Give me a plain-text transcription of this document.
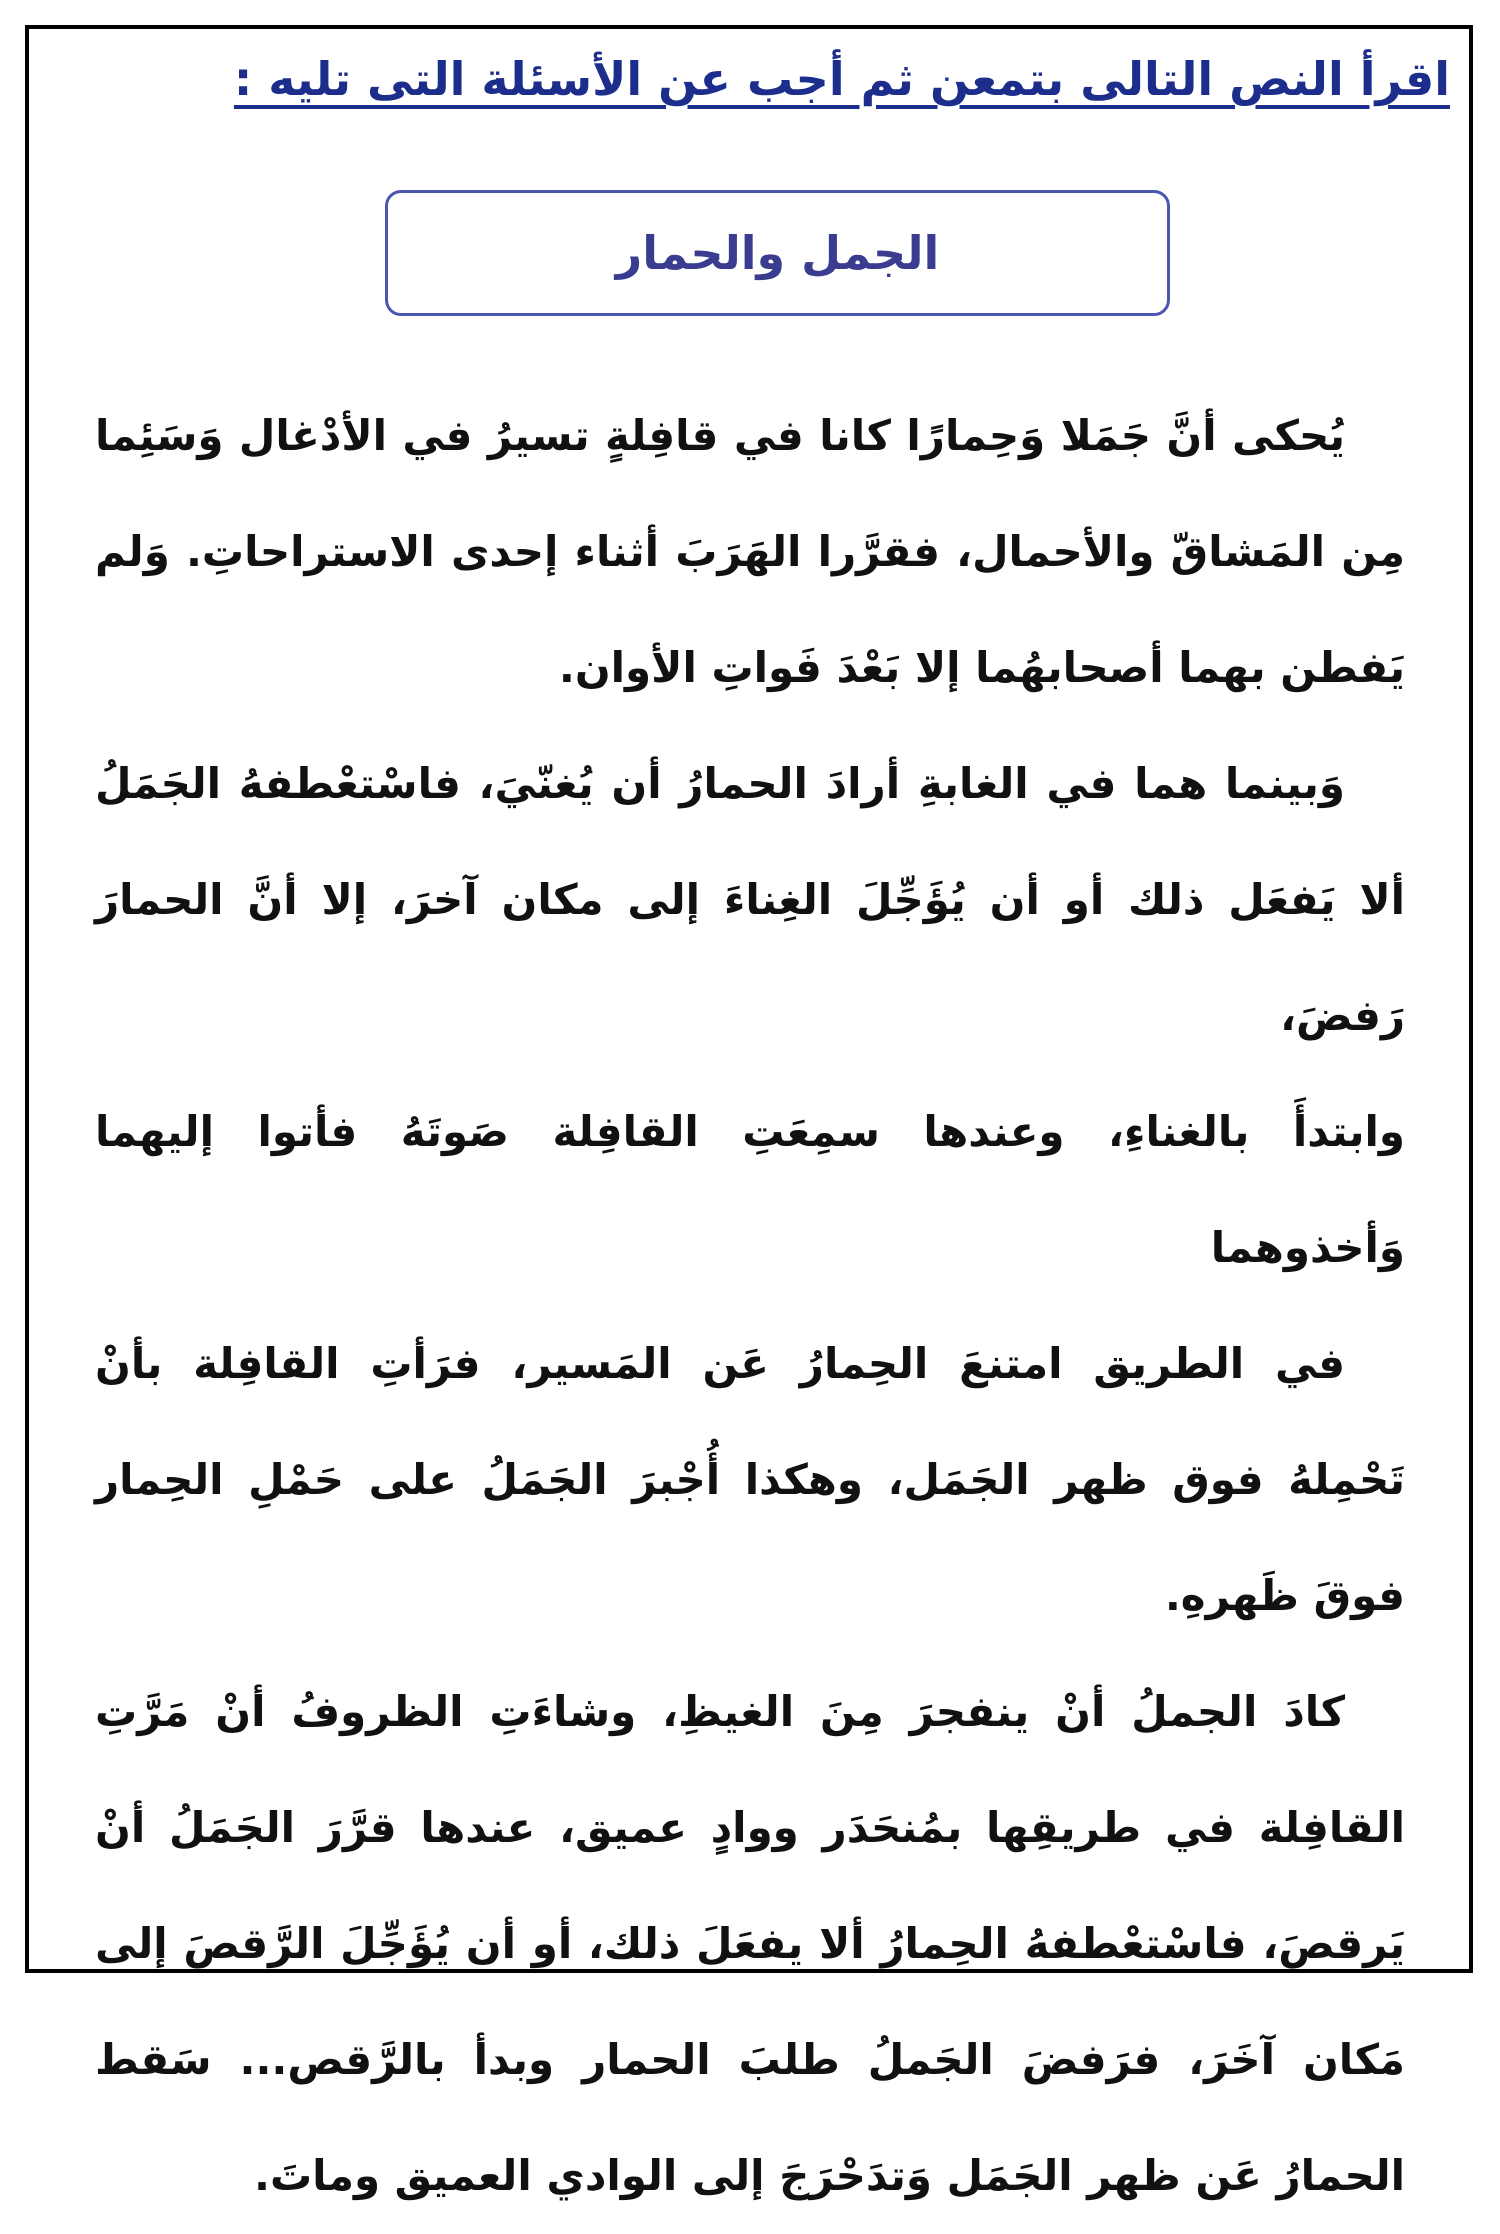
اقرأ النص التالى بتمعن ثم أجب عن الأسئلة التى تليه :
الجمل والحمار

يُحكى أنَّ جَمَلا وَحِمارًا كانا في قافِلةٍ تسيرُ في الأدْغال وَسَئِما مِن المَشاقّ والأحمال، فقرَّرا الهَرَبَ أثناء إحدى الاستراحاتِ. وَلم يَفطن بهما أصحابهُما إلا بَعْدَ فَواتِ الأوان.

وَبينما هما في الغابةِ أرادَ الحمارُ أن يُغنّيَ، فاسْتعْطفهُ الجَمَلُ ألا يَفعَل ذلك أو أن يُؤَجِّلَ الغِناءَ إلى مكان آخرَ، إلا أنَّ الحمارَ رَفضَ،

وابتدأَ بالغناءِ، وعندها سمِعَتِ القافِلة صَوتَهُ فأتوا إليهما وَأخذوهما

في الطريق امتنعَ الحِمارُ عَن المَسير، فرَأتِ القافِلة بأنْ تَحْمِلهُ فوق ظهر الجَمَل، وهكذا أُجْبرَ الجَمَلُ على حَمْلِ الحِمار فوقَ ظَهرهِ.

كادَ الجملُ أنْ ينفجرَ مِنَ الغيظِ، وشاءَتِ الظروفُ أنْ مَرَّتِ القافِلة في طريقِها بمُنحَدَر ووادٍ عميق، عندها قرَّرَ الجَمَلُ أنْ يَرقصَ، فاسْتعْطفهُ الحِمارُ ألا يفعَلَ ذلك، أو أن يُؤَجِّلَ الرَّقصَ إلى مَكان آخَرَ، فرَفضَ الجَملُ طلبَ الحمار وبدأ بالرَّقص... سَقط الحمارُ عَن ظهر الجَمَل وَتدَحْرَجَ إلى الوادي العميق وماتَ.
